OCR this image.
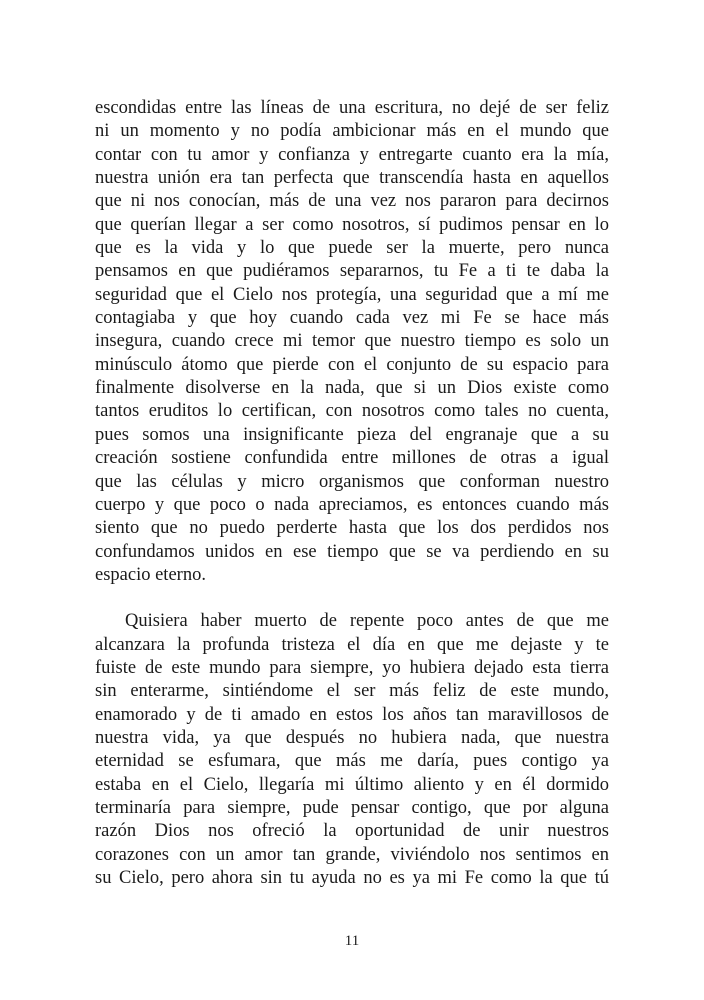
escondidas entre las líneas de una escritura, no dejé de ser feliz
ni un momento y no podía ambicionar más en el mundo que
contar con tu amor y confianza y entregarte cuanto era la mía,
nuestra unión era tan perfecta que transcendía hasta en aquellos
que ni nos conocían, más de una vez nos pararon para decirnos
que querían llegar a ser como nosotros, sí pudimos pensar en lo
que es la vida y lo que puede ser la muerte, pero nunca
pensamos en que pudiéramos separarnos, tu Fe a ti te daba la
seguridad que el Cielo nos protegía, una seguridad que a mí me
contagiaba y que hoy cuando cada vez mi Fe se hace más
insegura, cuando crece mi temor que nuestro tiempo es solo un
minúsculo átomo que pierde con el conjunto de su espacio para
finalmente disolverse en la nada, que si un Dios existe como
tantos eruditos lo certifican, con nosotros como tales no cuenta,
pues somos una insignificante pieza del engranaje que a su
creación sostiene confundida entre millones de otras a igual
que las células y micro organismos que conforman nuestro
cuerpo y que poco o nada apreciamos, es entonces cuando más
siento que no puedo perderte hasta que los dos perdidos nos
confundamos unidos en ese tiempo que se va perdiendo en su
espacio eterno.
Quisiera haber muerto de repente poco antes de que me
alcanzara la profunda tristeza el día en que me dejaste y te
fuiste de este mundo para siempre, yo hubiera dejado esta tierra
sin enterarme, sintiéndome el ser más feliz de este mundo,
enamorado y de ti amado en estos los años tan maravillosos de
nuestra vida, ya que después no hubiera nada, que nuestra
eternidad se esfumara, que más me daría, pues contigo ya
estaba en el Cielo, llegaría mi último aliento y en él dormido
terminaría para siempre, pude pensar contigo, que por alguna
razón Dios nos ofreció la oportunidad de unir nuestros
corazones con un amor tan grande, viviéndolo nos sentimos en
su Cielo, pero ahora sin tu ayuda no es ya mi Fe como la que tú
11
